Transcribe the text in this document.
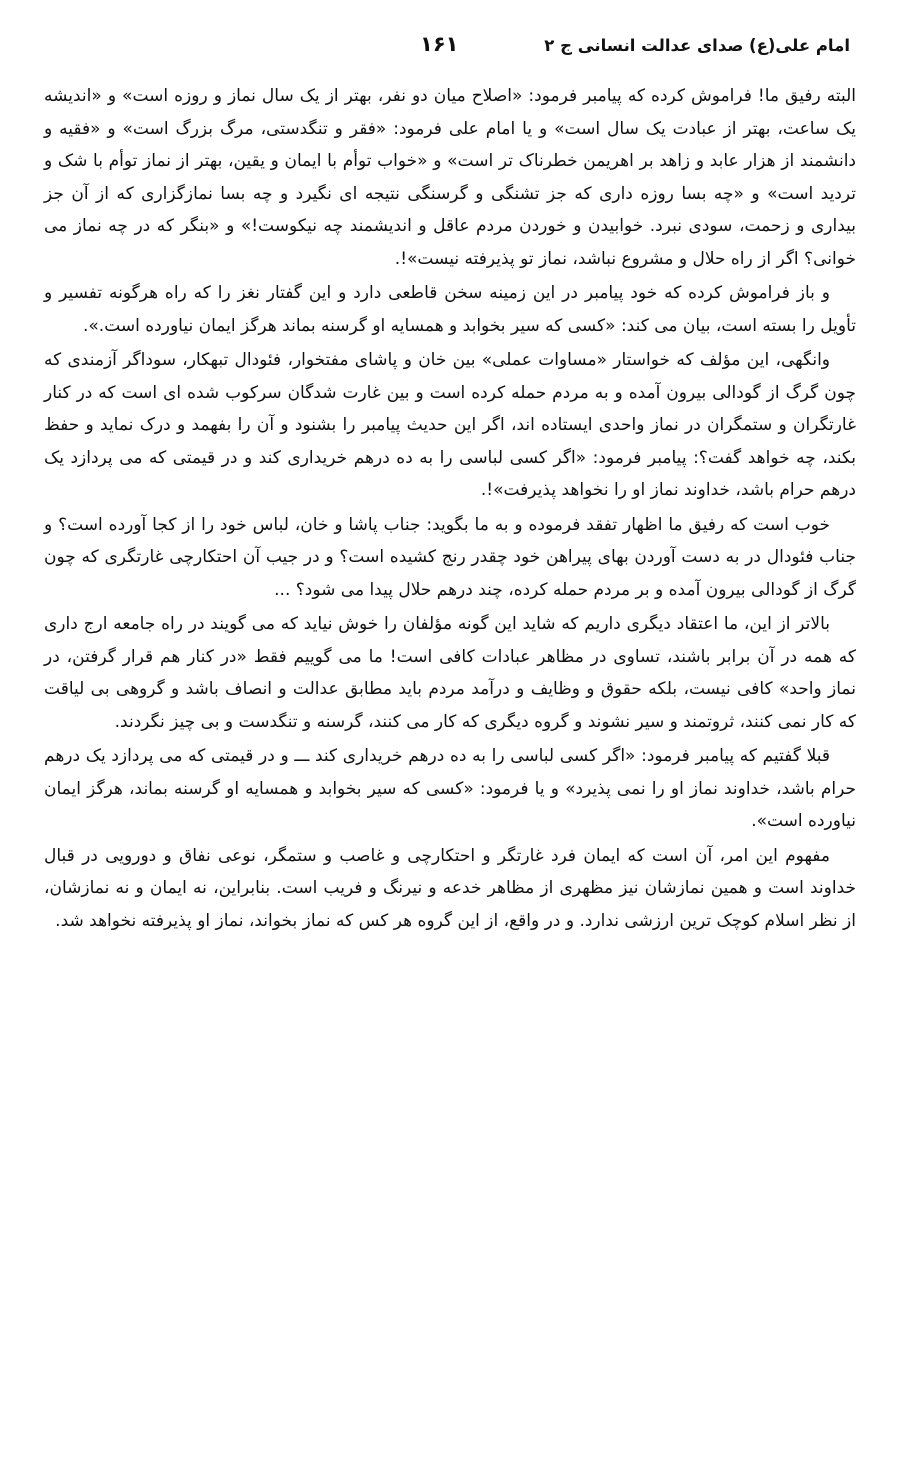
امام علی(ع) صدای عدالت انسانی ج ۲
۱۶۱

البته رفیق ما! فراموش کرده که پیامبر فرمود: «اصلاح میان دو نفر، بهتر از یک سال نماز و روزه است» و «اندیشه یک ساعت، بهتر از عبادت یک سال است» و یا امام علی فرمود: «فقر و تنگدستی، مرگ بزرگ است» و «فقیه و دانشمند از هزار عابد و زاهد بر اهریمن خطرناک تر است» و «خواب توأم با ایمان و یقین، بهتر از نماز توأم با شک و تردید است» و «چه بسا روزه داری که جز تشنگی و گرسنگی نتیجه ای نگیرد و چه بسا نمازگزاری که از آن جز بیداری و زحمت، سودی نبرد. خوابیدن و خوردن مردم عاقل و اندیشمند چه نیکوست!» و «بنگر که در چه نماز می خوانی؟ اگر از راه حلال و مشروع نباشد، نماز تو پذیرفته نیست»!.

و باز فراموش کرده که خود پیامبر در این زمینه سخن قاطعی دارد و این گفتار نغز را که راه هرگونه تفسیر و تأویل را بسته است، بیان می کند: «کسی که سیر بخوابد و همسایه او گرسنه بماند هرگز ایمان نیاورده است.».

وانگهی، این مؤلف که خواستار «مساوات عملی» بین خان و پاشای مفتخوار، فئودال تبهکار، سوداگر آزمندی که چون گرگ از گودالی بیرون آمده و به مردم حمله کرده است و بین غارت شدگان سرکوب شده ای است که در کنار غارتگران و ستمگران در نماز واحدی ایستاده اند، اگر این حدیث پیامبر را بشنود و آن را بفهمد و درک نماید و حفظ بکند، چه خواهد گفت؟: پیامبر فرمود: «اگر کسی لباسی را به ده درهم خریداری کند و در قیمتی که می پردازد یک درهم حرام باشد، خداوند نماز او را نخواهد پذیرفت»!.

خوب است که رفیق ما اظهار تفقد فرموده و به ما بگوید: جناب پاشا و خان، لباس خود را از کجا آورده است؟ و جناب فئودال در به دست آوردن بهای پیراهن خود چقدر رنج کشیده است؟ و در جیب آن احتکارچی غارتگری که چون گرگ از گودالی بیرون آمده و بر مردم حمله کرده، چند درهم حلال پیدا می شود؟ ...

بالاتر از این، ما اعتقاد دیگری داریم که شاید این گونه مؤلفان را خوش نیاید که می گویند در راه جامعه ارج داری که همه در آن برابر باشند، تساوی در مظاهر عبادات کافی است! ما می گوییم فقط «در کنار هم قرار گرفتن، در نماز واحد» کافی نیست، بلکه حقوق و وظایف و درآمد مردم باید مطابق عدالت و انصاف باشد و گروهی بی لیاقت که کار نمی کنند، ثروتمند و سیر نشوند و گروه دیگری که کار می کنند، گرسنه و تنگدست و بی چیز نگردند.

قبلا گفتیم که پیامبر فرمود: «اگر کسی لباسی را به ده درهم خریداری کند ـــ و در قیمتی که می پردازد یک درهم حرام باشد، خداوند نماز او را نمی پذیرد» و یا فرمود: «کسی که سیر بخوابد و همسایه او گرسنه بماند، هرگز ایمان نیاورده است».

مفهوم این امر، آن است که ایمان فرد غارتگر و احتکارچی و غاصب و ستمگر، نوعی نفاق و دورویی در قبال خداوند است و همین نمازشان نیز مظهری از مظاهر خدعه و نیرنگ و فریب است. بنابراین، نه ایمان و نه نمازشان، از نظر اسلام کوچک ترین ارزشی ندارد. و در واقع، از این گروه هر کس که نماز بخواند، نماز او پذیرفته نخواهد شد.
